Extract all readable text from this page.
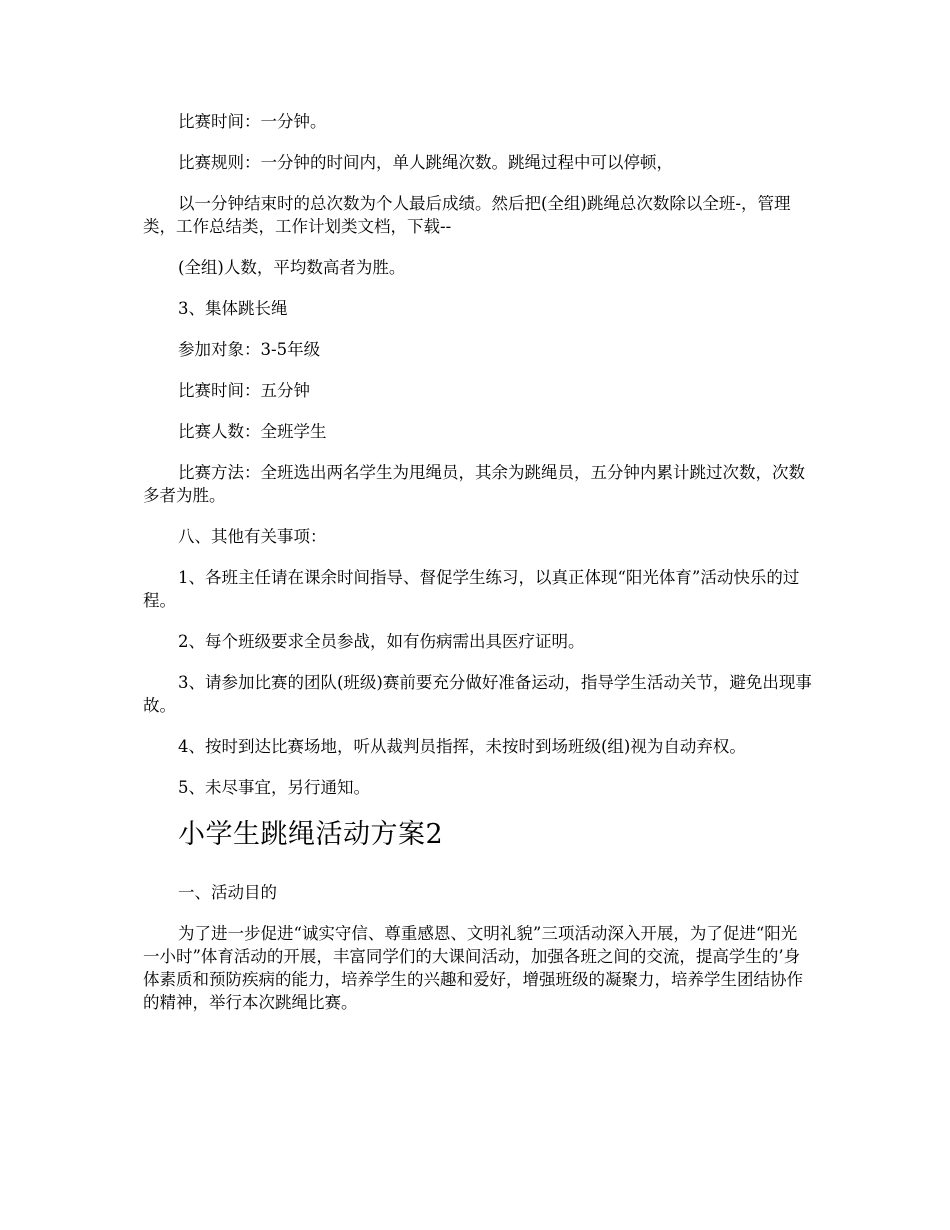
比赛时间：一分钟。

比赛规则：一分钟的时间内，单人跳绳次数。跳绳过程中可以停顿，

以一分钟结束时的总次数为个人最后成绩。然后把(全组)跳绳总次数除以全班-，管理类，工作总结类，工作计划类文档，下载--

(全组)人数，平均数高者为胜。

3、集体跳长绳

参加对象：3-5年级

比赛时间：五分钟

比赛人数：全班学生

比赛方法：全班选出两名学生为甩绳员，其余为跳绳员，五分钟内累计跳过次数，次数多者为胜。

八、其他有关事项：

1、各班主任请在课余时间指导、督促学生练习，以真正体现“阳光体育”活动快乐的过程。

2、每个班级要求全员参战，如有伤病需出具医疗证明。

3、请参加比赛的团队(班级)赛前要充分做好准备运动，指导学生活动关节，避免出现事故。

4、按时到达比赛场地，听从裁判员指挥，未按时到场班级(组)视为自动弃权。

5、未尽事宜，另行通知。

小学生跳绳活动方案2

一、活动目的

为了进一步促进“诚实守信、尊重感恩、文明礼貌”三项活动深入开展，为了促进“阳光一小时”体育活动的开展，丰富同学们的大课间活动，加强各班之间的交流，提高学生的’身体素质和预防疾病的能力，培养学生的兴趣和爱好，增强班级的凝聚力，培养学生团结协作的精神，举行本次跳绳比赛。
